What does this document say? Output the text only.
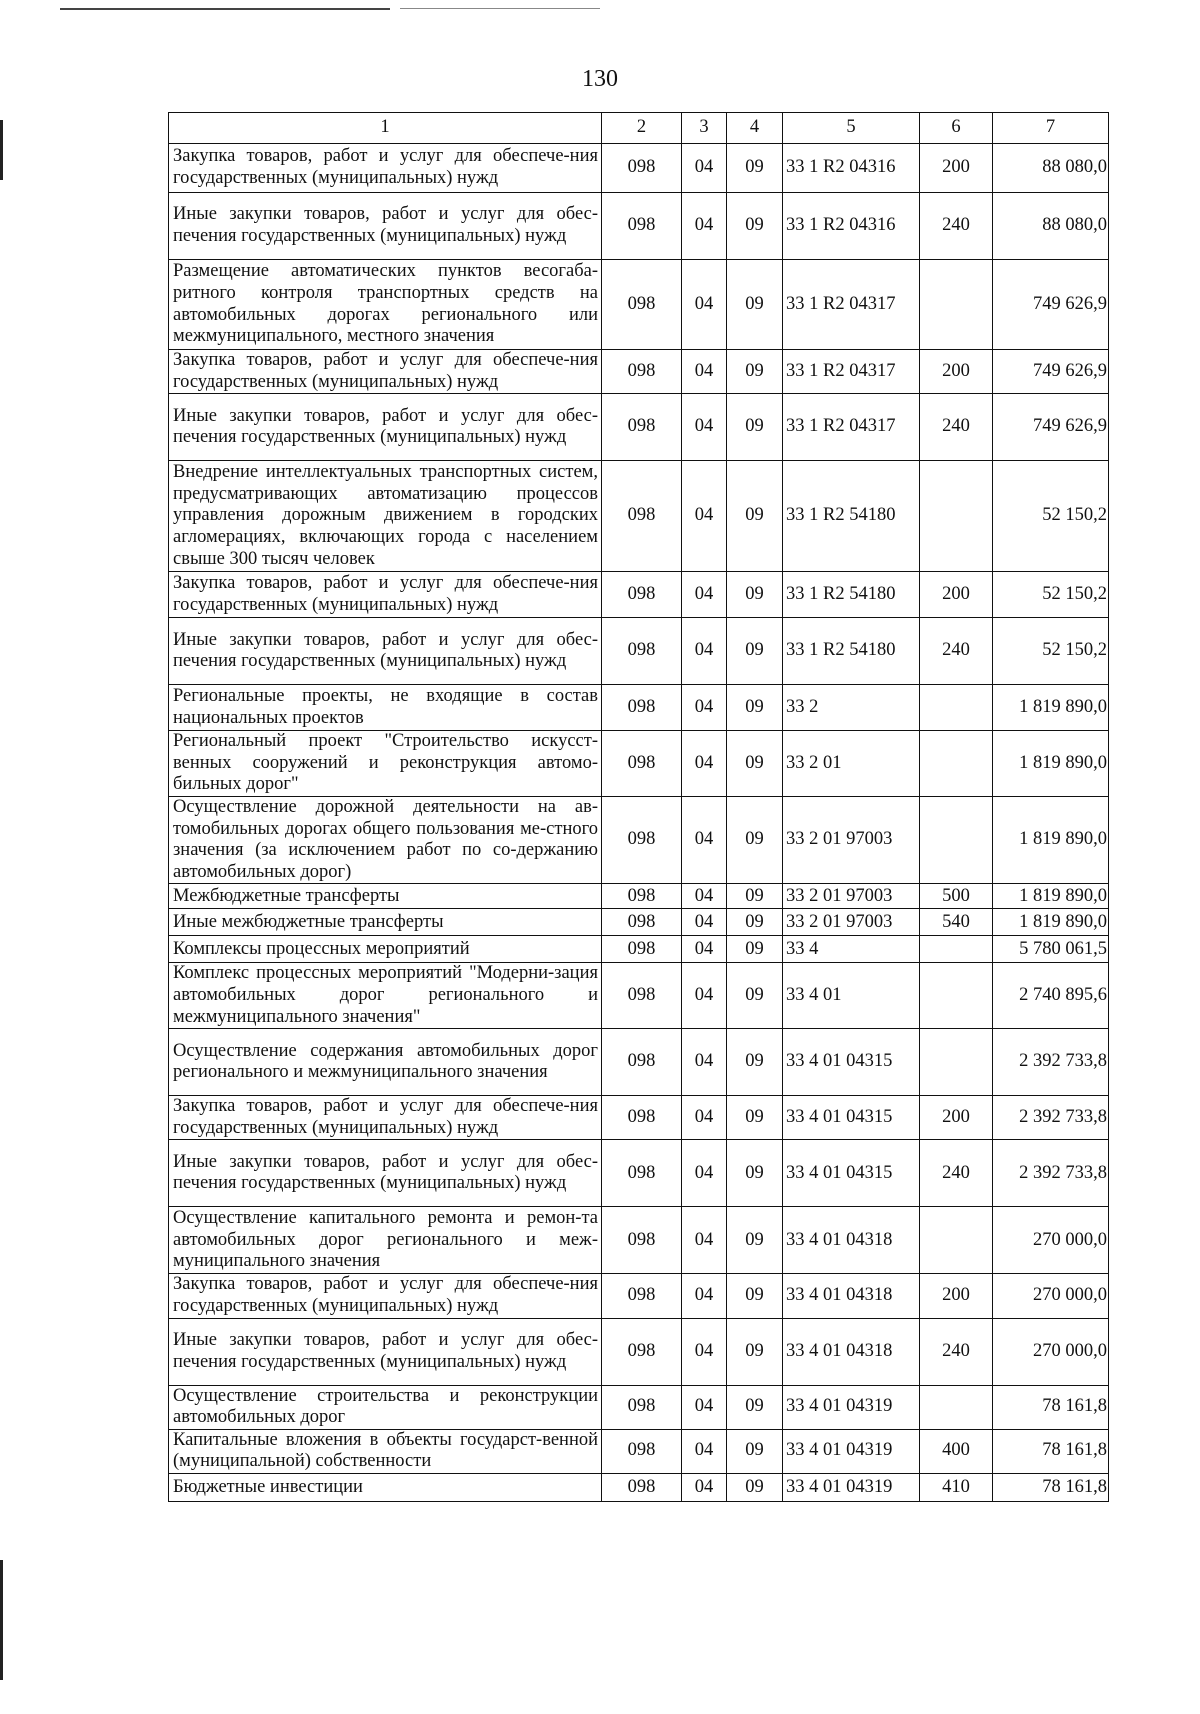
130
1	2	3	4	5	6	7
Закупка товаров, работ и услуг для обеспече-ния государственных (муниципальных) нужд	098	04	09	33 1 R2 04316	200	88 080,0
Иные закупки товаров, работ и услуг для обес-печения государственных (муниципальных) нужд	098	04	09	33 1 R2 04316	240	88 080,0
Размещение автоматических пунктов весогаба-ритного контроля транспортных средств на автомобильных дорогах регионального или межмуниципального, местного значения	098	04	09	33 1 R2 04317		749 626,9
Закупка товаров, работ и услуг для обеспече-ния государственных (муниципальных) нужд	098	04	09	33 1 R2 04317	200	749 626,9
Иные закупки товаров, работ и услуг для обес-печения государственных (муниципальных) нужд	098	04	09	33 1 R2 04317	240	749 626,9
Внедрение интеллектуальных транспортных систем, предусматривающих автоматизацию процессов управления дорожным движением в городских агломерациях, включающих города с населением свыше 300 тысяч человек	098	04	09	33 1 R2 54180		52 150,2
Закупка товаров, работ и услуг для обеспече-ния государственных (муниципальных) нужд	098	04	09	33 1 R2 54180	200	52 150,2
Иные закупки товаров, работ и услуг для обес-печения государственных (муниципальных) нужд	098	04	09	33 1 R2 54180	240	52 150,2
Региональные проекты, не входящие в состав национальных проектов	098	04	09	33 2		1 819 890,0
Региональный проект "Строительство искусст-венных сооружений и реконструкция автомо-бильных дорог"	098	04	09	33 2 01		1 819 890,0
Осуществление дорожной деятельности на ав-томобильных дорогах общего пользования ме-стного значения (за исключением работ по со-держанию автомобильных дорог)	098	04	09	33 2 01 97003		1 819 890,0
Межбюджетные трансферты	098	04	09	33 2 01 97003	500	1 819 890,0
Иные межбюджетные трансферты	098	04	09	33 2 01 97003	540	1 819 890,0
Комплексы процессных мероприятий	098	04	09	33 4		5 780 061,5
Комплекс процессных мероприятий "Модерни-зация автомобильных дорог регионального и межмуниципального значения"	098	04	09	33 4 01		2 740 895,6
Осуществление содержания автомобильных дорог регионального и межмуниципального значения	098	04	09	33 4 01 04315		2 392 733,8
Закупка товаров, работ и услуг для обеспече-ния государственных (муниципальных) нужд	098	04	09	33 4 01 04315	200	2 392 733,8
Иные закупки товаров, работ и услуг для обес-печения государственных (муниципальных) нужд	098	04	09	33 4 01 04315	240	2 392 733,8
Осуществление капитального ремонта и ремон-та автомобильных дорог регионального и меж-муниципального значения	098	04	09	33 4 01 04318		270 000,0
Закупка товаров, работ и услуг для обеспече-ния государственных (муниципальных) нужд	098	04	09	33 4 01 04318	200	270 000,0
Иные закупки товаров, работ и услуг для обес-печения государственных (муниципальных) нужд	098	04	09	33 4 01 04318	240	270 000,0
Осуществление строительства и реконструкции автомобильных дорог	098	04	09	33 4 01 04319		78 161,8
Капитальные вложения в объекты государст-венной (муниципальной) собственности	098	04	09	33 4 01 04319	400	78 161,8
Бюджетные инвестиции	098	04	09	33 4 01 04319	410	78 161,8
